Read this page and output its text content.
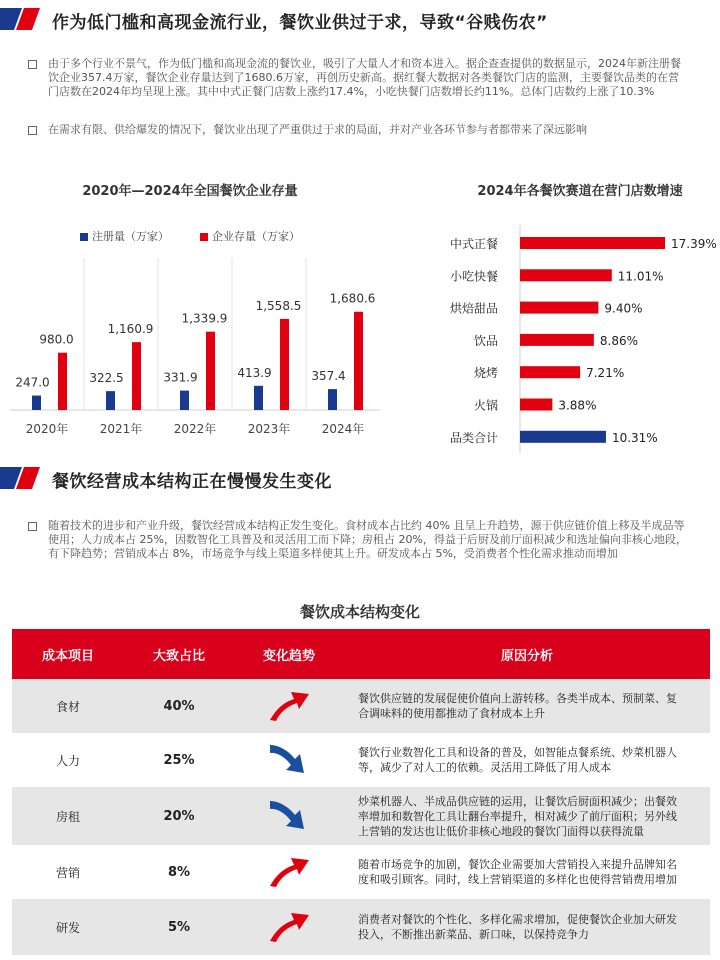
作为低门槛和高现金流行业，餐饮业供过于求，导致“谷贱伤农”

由于多个行业不景气，作为低门槛和高现金流的餐饮业，吸引了大量人才和资本进入。据企查查提供的数据显示，2024年新注册餐饮企业357.4万家，餐饮企业存量达到了1680.6万家，再创历史新高。据红餐大数据对各类餐饮门店的监测，主要餐饮品类的在营门店数在2024年均呈现上涨。其中中式正餐门店数上涨约17.4%，小吃快餐门店数增长约11%。总体门店数约上涨了10.3%

在需求有限、供给爆发的情况下，餐饮业出现了严重供过于求的局面，并对产业各环节参与者都带来了深远影响

2020年—2024年全国餐饮企业存量
注册量（万家）	企业存量（万家）
247.0
980.0
2020年
322.5
1,160.9
2021年
331.9
1,339.9
2022年
413.9
1,558.5
2023年
357.4
1,680.6
2024年
2024年各餐饮赛道在营门店数增速
中式正餐	17.39%
小吃快餐	11.01%
烘焙甜品	9.40%
饮品	8.86%
烧烤	7.21%
火锅	3.88%
品类合计	10.31%
餐饮经营成本结构正在慢慢发生变化

随着技术的进步和产业升级，餐饮经营成本结构正发生变化。食材成本占比约 40% 且呈上升趋势，源于供应链价值上移及半成品等使用；人力成本占 25%，因数智化工具普及和灵活用工而下降；房租占 20%，得益于后厨及前厅面积减少和选址偏向非核心地段，有下降趋势；营销成本占 8%，市场竞争与线上渠道多样使其上升。研发成本占 5%，受消费者个性化需求推动而增加

餐饮成本结构变化
成本项目	大致占比	变化趋势	原因分析
食材	40%		餐饮供应链的发展促使价值向上游转移。各类半成本、预制菜、复合调味料的使用都推动了食材成本上升
人力	25%		餐饮行业数智化工具和设备的普及，如智能点餐系统、炒菜机器人等，减少了对人工的依赖。灵活用工降低了用人成本
房租	20%		炒菜机器人、半成品供应链的运用，让餐饮后厨面积减少；出餐效率增加和数智化工具让翻台率提升，相对减少了前厅面积；另外线上营销的发达也让低价非核心地段的餐饮门面得以获得流量
营销	8%		随着市场竞争的加剧，餐饮企业需要加大营销投入来提升品牌知名度和吸引顾客。同时，线上营销渠道的多样化也使得营销费用增加
研发	5%		消费者对餐饮的个性化、多样化需求增加，促使餐饮企业加大研发投入，不断推出新菜品、新口味，以保持竞争力
